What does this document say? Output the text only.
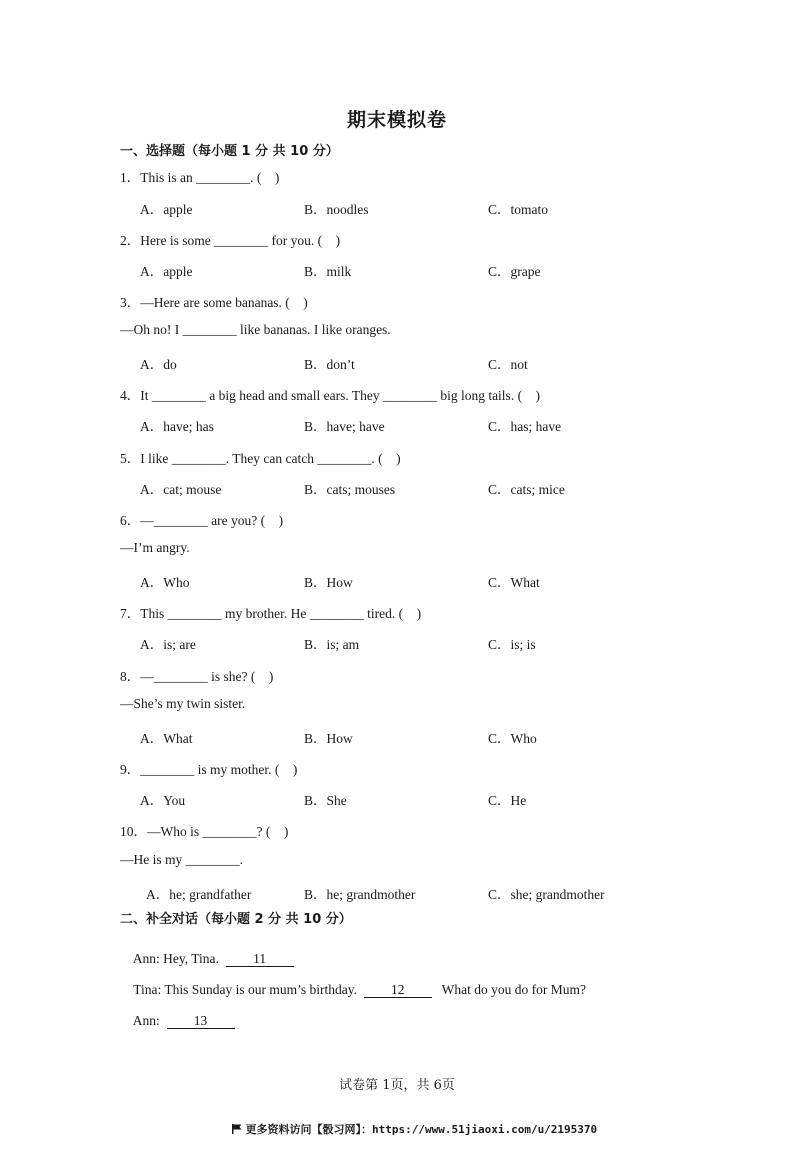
期末模拟卷
一、选择题（每小题 1 分 共 10 分）
1．This is an ________. (    )
A．apple	B．noodles	C．tomato
2．Here is some ________ for you. (    )
A．apple	B．milk	C．grape
3．—Here are some bananas. (    )
—Oh no! I ________ like bananas. I like oranges.
A．do	B．don’t	C．not
4．It ________ a big head and small ears. They ________ big long tails. (    )
A．have; has	B．have; have	C．has; have
5．I like ________. They can catch ________. (    )
A．cat; mouse	B．cats; mouses	C．cats; mice
6．—________ are you? (    )
—I’m angry.
A．Who	B．How	C．What
7．This ________ my brother. He ________ tired. (    )
A．is; are	B．is; am	C．is; is
8．—________ is she? (    )
—She’s my twin sister.
A．What	B．How	C．Who
9．________ is my mother. (    )
A．You	B．She	C．He
10．—Who is ________? (    )
—He is my ________.
A．he; grandfather	B．he; grandmother	C．she; grandmother
二、补全对话（每小题 2 分 共 10 分）

Ann: Hey, Tina.	11

Tina: This Sunday is our mum’s birthday.	12	What do you do for Mum?

Ann:	13

试卷第 1页，共 6页

更多资料访问【骰习网】：https://www.51jiaoxi.com/u/2195370
